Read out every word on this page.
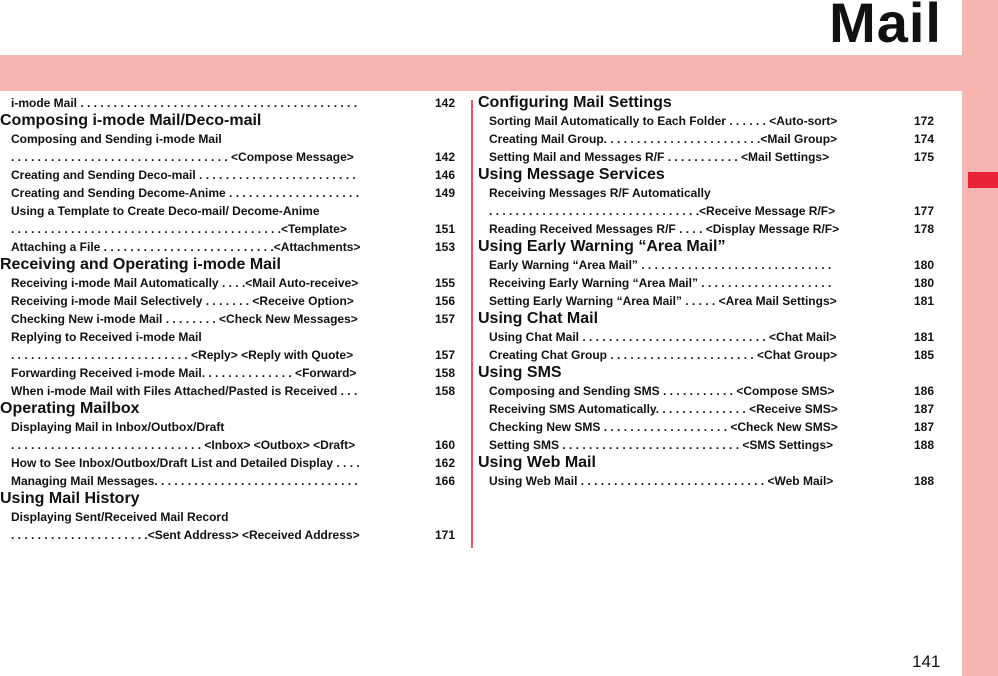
Mail
i-mode Mail . . . . . . . . . . . . . . . . . . . . . . . . . . . . . . . . . . . . . . . . . .	142
Composing i-mode Mail/Deco-mail
Composing and Sending i-mode Mail
. . . . . . . . . . . . . . . . . . . . . . . . . . . . . . . . . <Compose Message>	142
Creating and Sending Deco-mail . . . . . . . . . . . . . . . . . . . . . . . .	146
Creating and Sending Decome-Anime . . . . . . . . . . . . . . . . . . . .	149
Using a Template to Create Deco-mail/ Decome-Anime
. . . . . . . . . . . . . . . . . . . . . . . . . . . . . . . . . . . . . . . . .<Template>	151
Attaching a File . . . . . . . . . . . . . . . . . . . . . . . . . .<Attachments>	153
Receiving and Operating i-mode Mail
Receiving i-mode Mail Automatically . . . .<Mail Auto-receive>	155
Receiving i-mode Mail Selectively . . . . . . . <Receive Option>	156
Checking New i-mode Mail . . . . . . . . <Check New Messages>	157
Replying to Received i-mode Mail
. . . . . . . . . . . . . . . . . . . . . . . . . . . <Reply> <Reply with Quote>	157
Forwarding Received i-mode Mail. . . . . . . . . . . . . . <Forward>	158
When i-mode Mail with Files Attached/Pasted is Received . . .	158
Operating Mailbox
Displaying Mail in Inbox/Outbox/Draft
. . . . . . . . . . . . . . . . . . . . . . . . . . . . . <Inbox> <Outbox> <Draft>	160
How to See Inbox/Outbox/Draft List and Detailed Display . . . .	162
Managing Mail Messages. . . . . . . . . . . . . . . . . . . . . . . . . . . . . . .	166
Using Mail History
Displaying Sent/Received Mail Record
. . . . . . . . . . . . . . . . . . . . .<Sent Address> <Received Address>	171
Configuring Mail Settings
Sorting Mail Automatically to Each Folder . . . . . . <Auto-sort>	172
Creating Mail Group. . . . . . . . . . . . . . . . . . . . . . . .<Mail Group>	174
Setting Mail and Messages R/F . . . . . . . . . . . <Mail Settings>	175
Using Message Services
Receiving Messages R/F Automatically
. . . . . . . . . . . . . . . . . . . . . . . . . . . . . . . .<Receive Message R/F>	177
Reading Received Messages R/F . . . . <Display Message R/F>	178
Using Early Warning “Area Mail”
Early Warning “Area Mail” . . . . . . . . . . . . . . . . . . . . . . . . . . . . .	180
Receiving Early Warning “Area Mail” . . . . . . . . . . . . . . . . . . . .	180
Setting Early Warning “Area Mail” . . . . . <Area Mail Settings>	181
Using Chat Mail
Using Chat Mail . . . . . . . . . . . . . . . . . . . . . . . . . . . . <Chat Mail>	181
Creating Chat Group . . . . . . . . . . . . . . . . . . . . . . <Chat Group>	185
Using SMS
Composing and Sending SMS . . . . . . . . . . . <Compose SMS>	186
Receiving SMS Automatically. . . . . . . . . . . . . . <Receive SMS>	187
Checking New SMS . . . . . . . . . . . . . . . . . . . <Check New SMS>	187
Setting SMS . . . . . . . . . . . . . . . . . . . . . . . . . . . <SMS Settings>	188
Using Web Mail
Using Web Mail . . . . . . . . . . . . . . . . . . . . . . . . . . . . <Web Mail>	188
141
